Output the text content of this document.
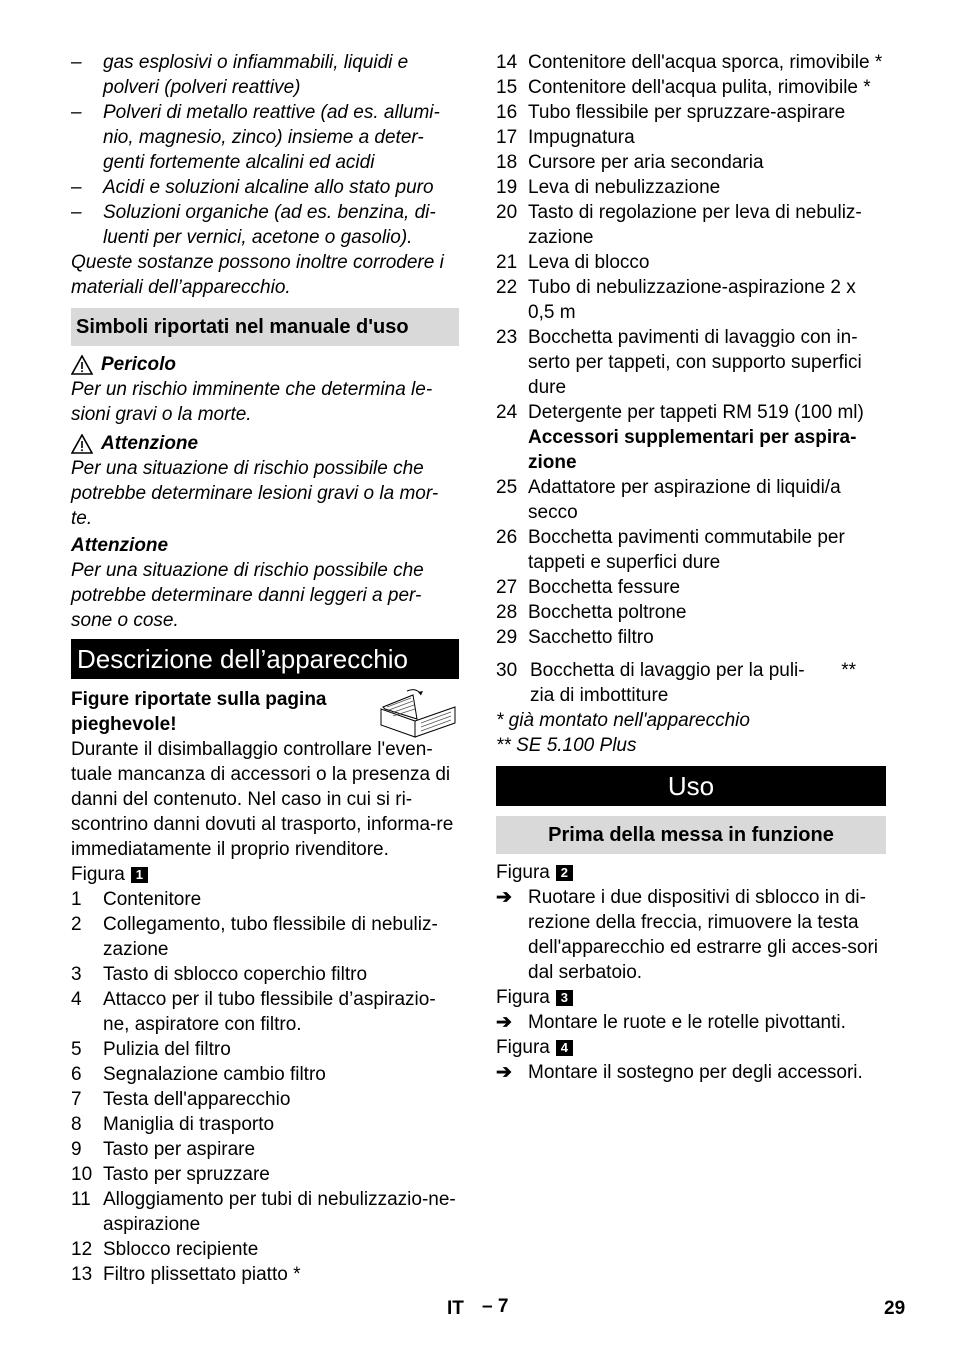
– gas esplosivi o infiammabili, liquidi e polveri (polveri reattive)
– Polveri di metallo reattive (ad es. allumi-nio, magnesio, zinco) insieme a deter-genti fortemente alcalini ed acidi
– Acidi e soluzioni alcaline allo stato puro
– Soluzioni organiche (ad es. benzina, di-luenti per vernici, acetone o gasolio).
Queste sostanze possono inoltre corrodere i materiali dell’apparecchio.
Simboli riportati nel manuale d'uso
Pericolo
Per un rischio imminente che determina le-sioni gravi o la morte.
Attenzione
Per una situazione di rischio possibile che potrebbe determinare lesioni gravi o la mor-te.
Attenzione
Per una situazione di rischio possibile che potrebbe determinare danni leggeri a per-sone o cose.
Descrizione dell’apparecchio
Figure riportate sulla pagina pieghevole!
Durante il disimballaggio controllare l'even-tuale mancanza di accessori o la presenza di danni del contenuto. Nel caso in cui si ri-scontrino danni dovuti al trasporto, informa-re immediatamente il proprio rivenditore.
Figura 1
1 Contenitore
2 Collegamento, tubo flessibile di nebuliz-zazione
3 Tasto di sblocco coperchio filtro
4 Attacco per il tubo flessibile d’aspirazio-ne, aspiratore con filtro.
5 Pulizia del filtro
6 Segnalazione cambio filtro
7 Testa dell'apparecchio
8 Maniglia di trasporto
9 Tasto per aspirare
10 Tasto per spruzzare
11 Alloggiamento per tubi di nebulizzazio-ne-aspirazione
12 Sblocco recipiente
13 Filtro plissettato piatto *
14 Contenitore dell'acqua sporca, rimovibile *
15 Contenitore dell'acqua pulita, rimovibile *
16 Tubo flessibile per spruzzare-aspirare
17 Impugnatura
18 Cursore per aria secondaria
19 Leva di nebulizzazione
20 Tasto di regolazione per leva di nebuliz-zazione
21 Leva di blocco
22 Tubo di nebulizzazione-aspirazione 2 x 0,5 m
23 Bocchetta pavimenti di lavaggio con in-serto per tappeti, con supporto superfici dure
24 Detergente per tappeti RM 519 (100 ml)
Accessori supplementari per aspira-zione
25 Adattatore per aspirazione di liquidi/a secco
26 Bocchetta pavimenti commutabile per tappeti e superfici dure
27 Bocchetta fessure
28 Bocchetta poltrone
29 Sacchetto filtro
30 Bocchetta di lavaggio per la puli-zia di imbottiture
**
* già montato nell'apparecchio
** SE 5.100 Plus
Uso
Prima della messa in funzione
Figura 2
➔ Ruotare i due dispositivi di sblocco in di-rezione della freccia, rimuovere la testa dell'apparecchio ed estrarre gli acces-sori dal serbatoio.
Figura 3
➔ Montare le ruote e le rotelle pivottanti.
Figura 4
➔ Montare il sostegno per degli accessori.
IT – 7	29
